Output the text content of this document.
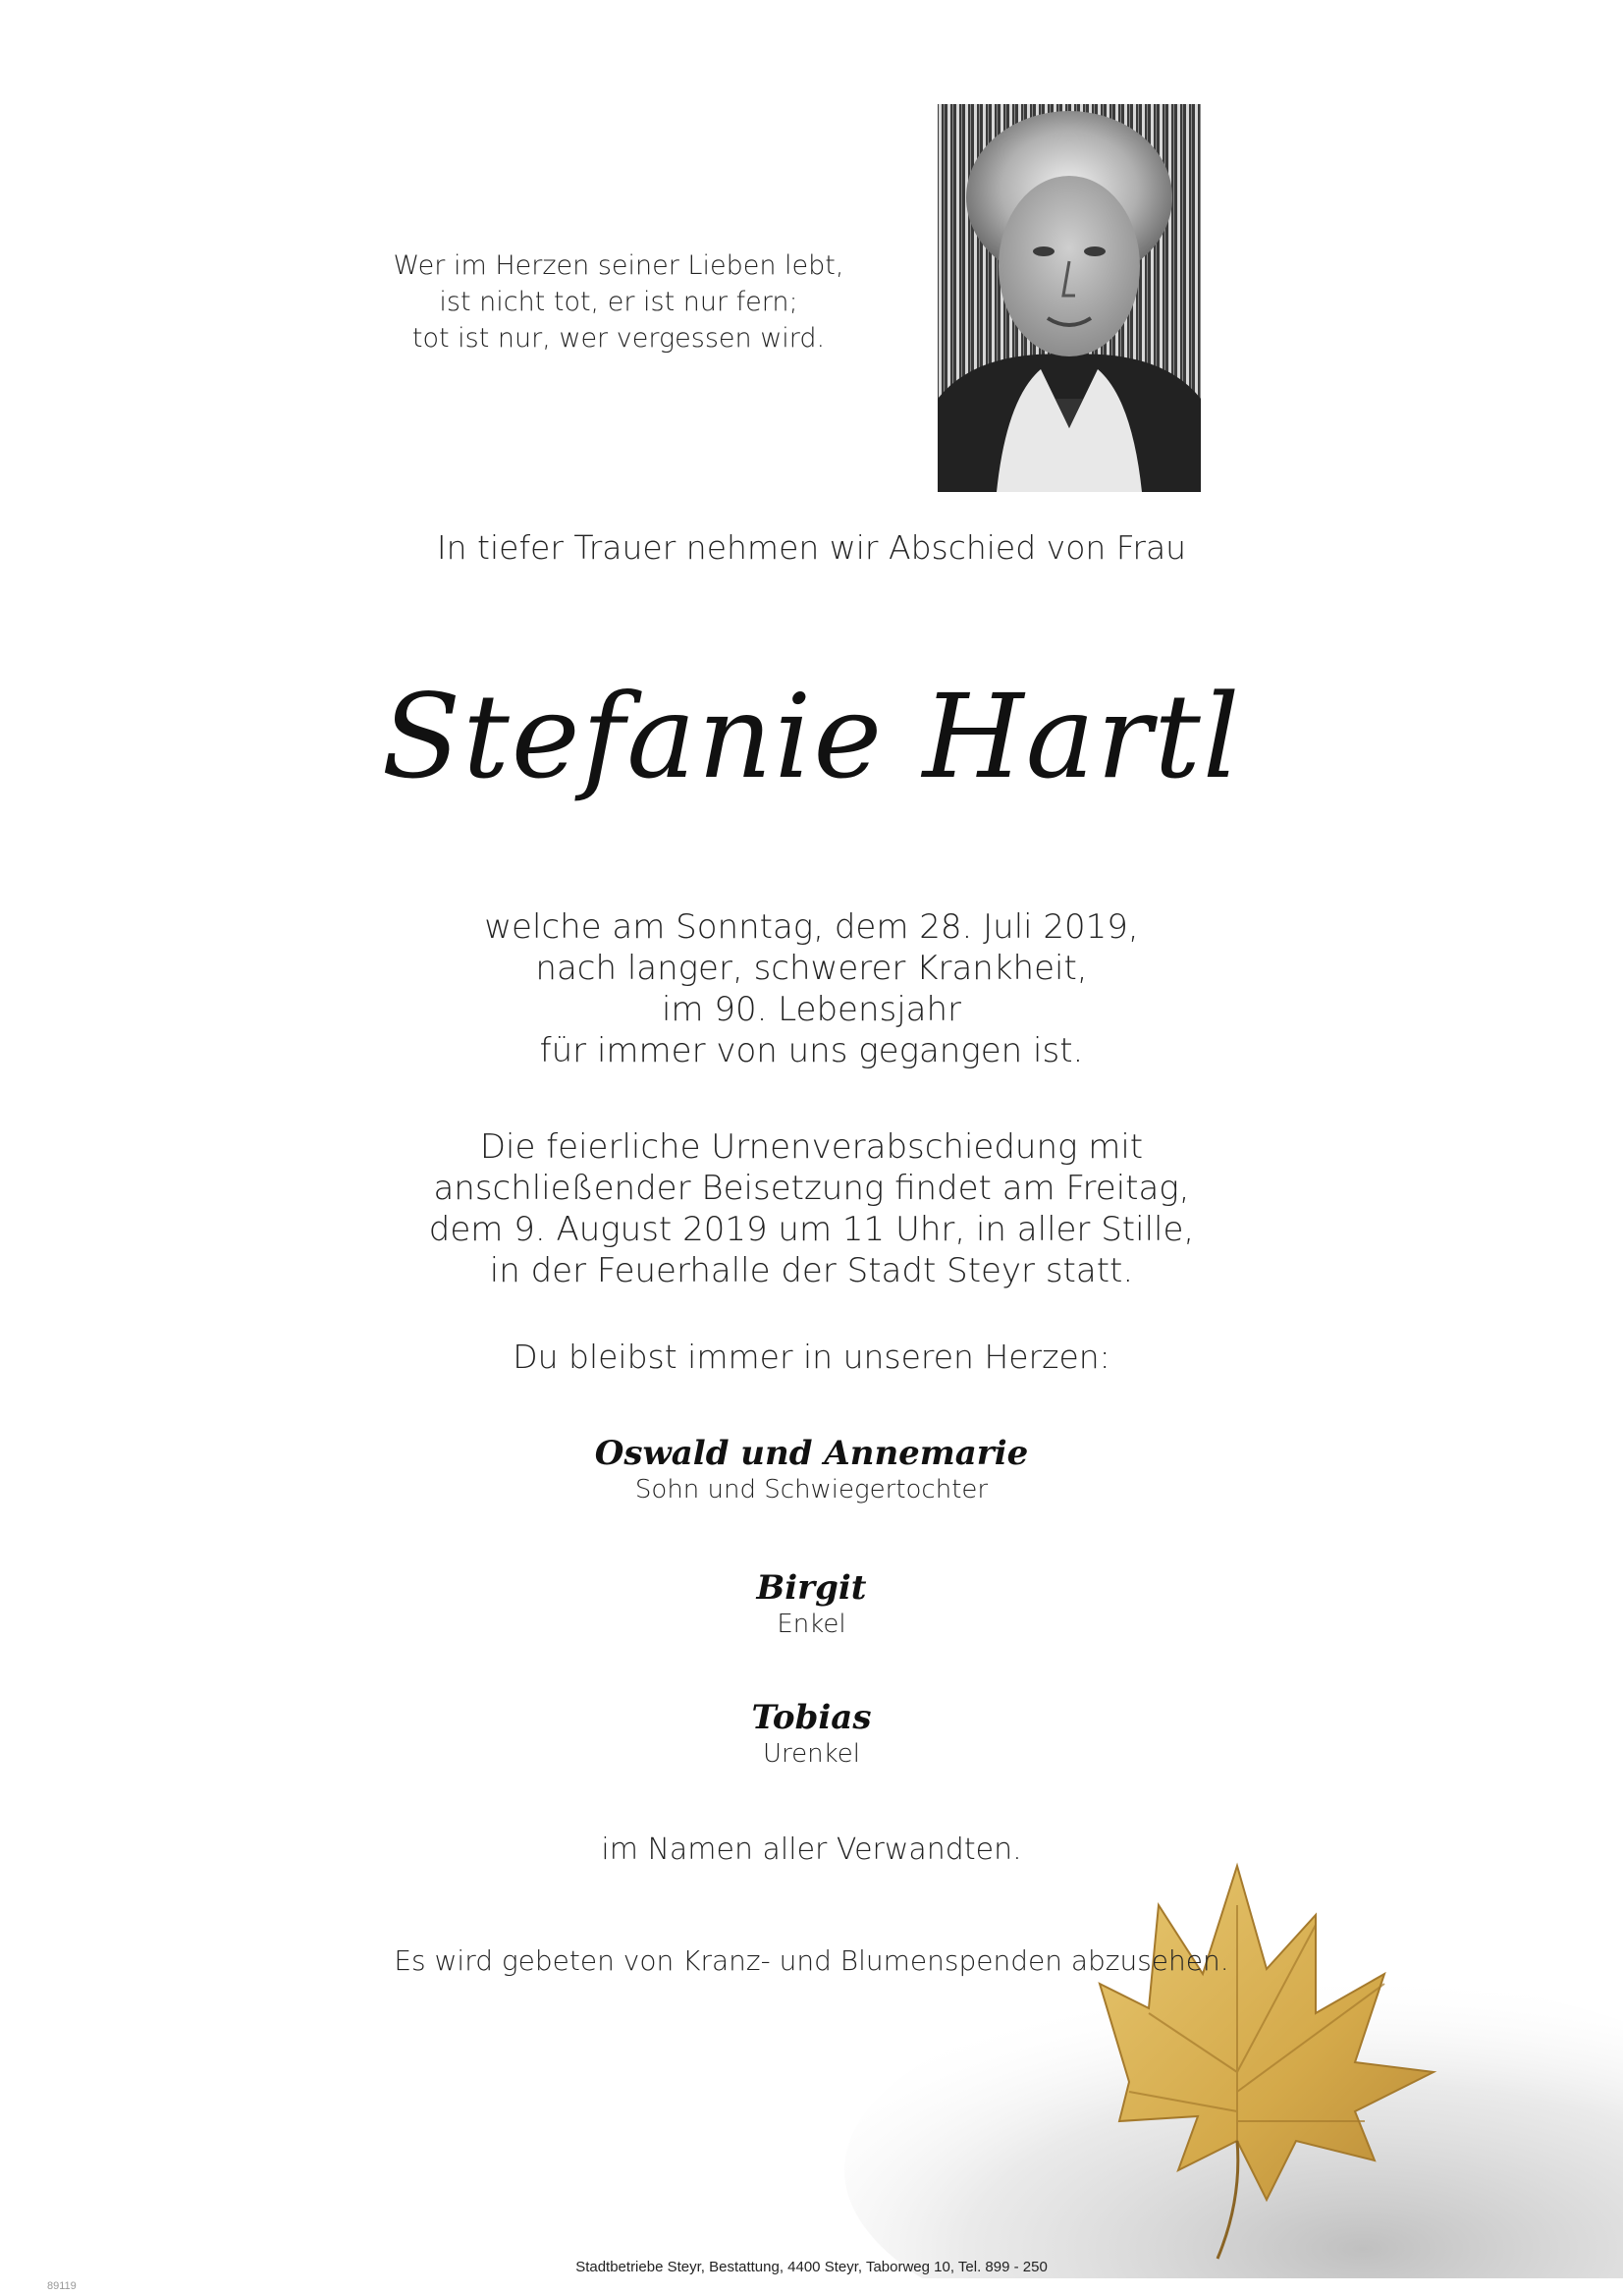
Wer im Herzen seiner Lieben lebt,
ist nicht tot, er ist nur fern;
tot ist nur, wer vergessen wird.
In tiefer Trauer nehmen wir Abschied von Frau
Stefanie Hartl
welche am Sonntag, dem 28. Juli 2019,
nach langer, schwerer Krankheit,
im 90. Lebensjahr
für immer von uns gegangen ist.
Die feierliche Urnenverabschiedung mit
anschließender Beisetzung findet am Freitag,
dem 9. August 2019 um 11 Uhr, in aller Stille,
in der Feuerhalle der Stadt Steyr statt.
Du bleibst immer in unseren Herzen:
Oswald und Annemarie
Sohn und Schwiegertochter
Birgit
Enkel
Tobias
Urenkel
im Namen aller Verwandten.
Es wird gebeten von Kranz- und Blumenspenden abzusehen.
Stadtbetriebe Steyr, Bestattung, 4400 Steyr, Taborweg 10, Tel. 899 - 250
89119
